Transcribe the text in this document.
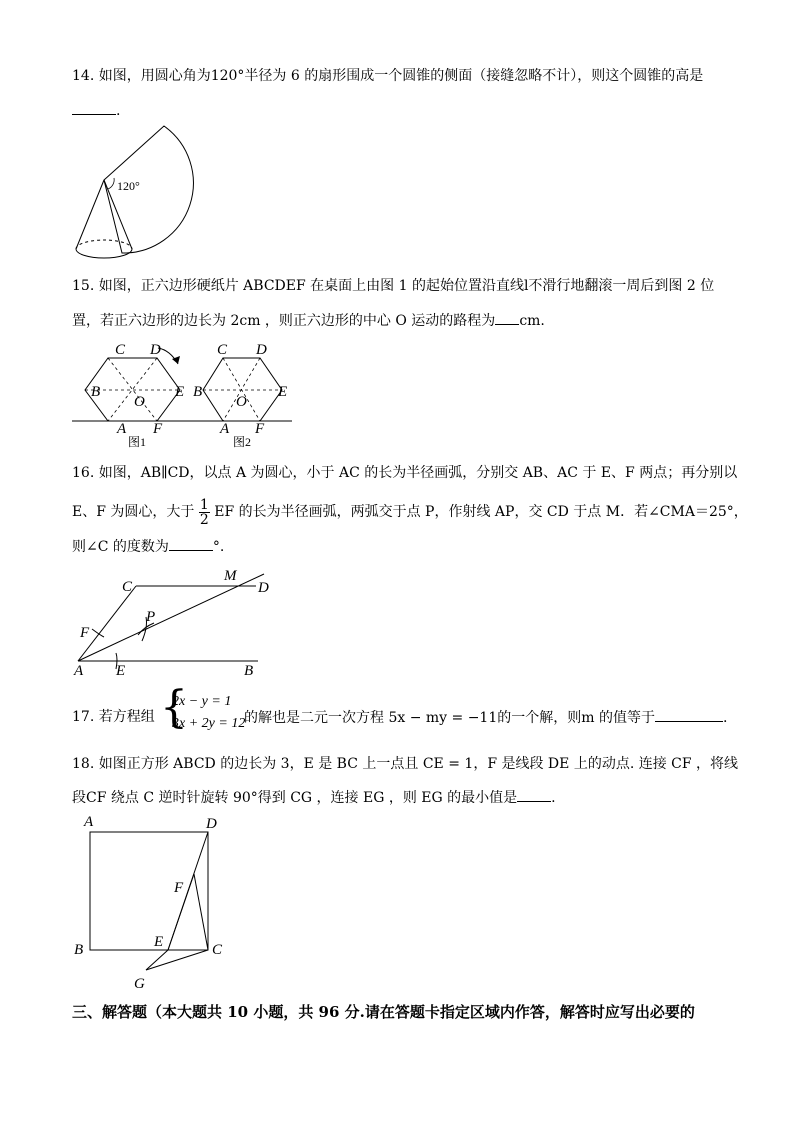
14. 如图，用圆心角为120°半径为 6 的扇形围成一个圆锥的侧面（接缝忽略不计），则这个圆锥的高是
.
120°
15. 如图，正六边形硬纸片 ABCDEF 在桌面上由图 1 的起始位置沿直线l不滑行地翻滚一周后到图 2 位
置，若正六边形的边长为 2cm ，则正六边形的中心 O 运动的路程为 cm.
C D
B	E
O
A F
C D
B	E
O
A F
图1	图2
16. 如图，AB∥CD，以点 A 为圆心，小于 AC 的长为半径画弧，分别交 AB、AC 于 E、F 两点；再分别以
E、F 为圆心，大于 $\frac{1}{2}$ EF 的长为半径画弧，两弧交于点 P，作射线 AP，交 CD 于点 M．若∠CMA＝25°，
则∠C 的度数为	°.
C
M
D
F
P
A E	B
17. 若方程组 {
2x − y = 1
3x + 2y = 12
的解也是二元一次方程 5x − my = −11的一个解，则m 的值等于	.
18. 如图正方形 ABCD 的边长为 3，E 是 BC 上一点且 CE = 1，F 是线段 DE 上的动点. 连接 CF ，将线
段CF 绕点 C 逆时针旋转 90°得到 CG ，连接 EG ，则 EG 的最小值是 .
A	D
B	C
F
E
G
三、解答题（本大题共 10 小题，共 96 分.请在答题卡指定区域内作答，解答时应写出必要的
